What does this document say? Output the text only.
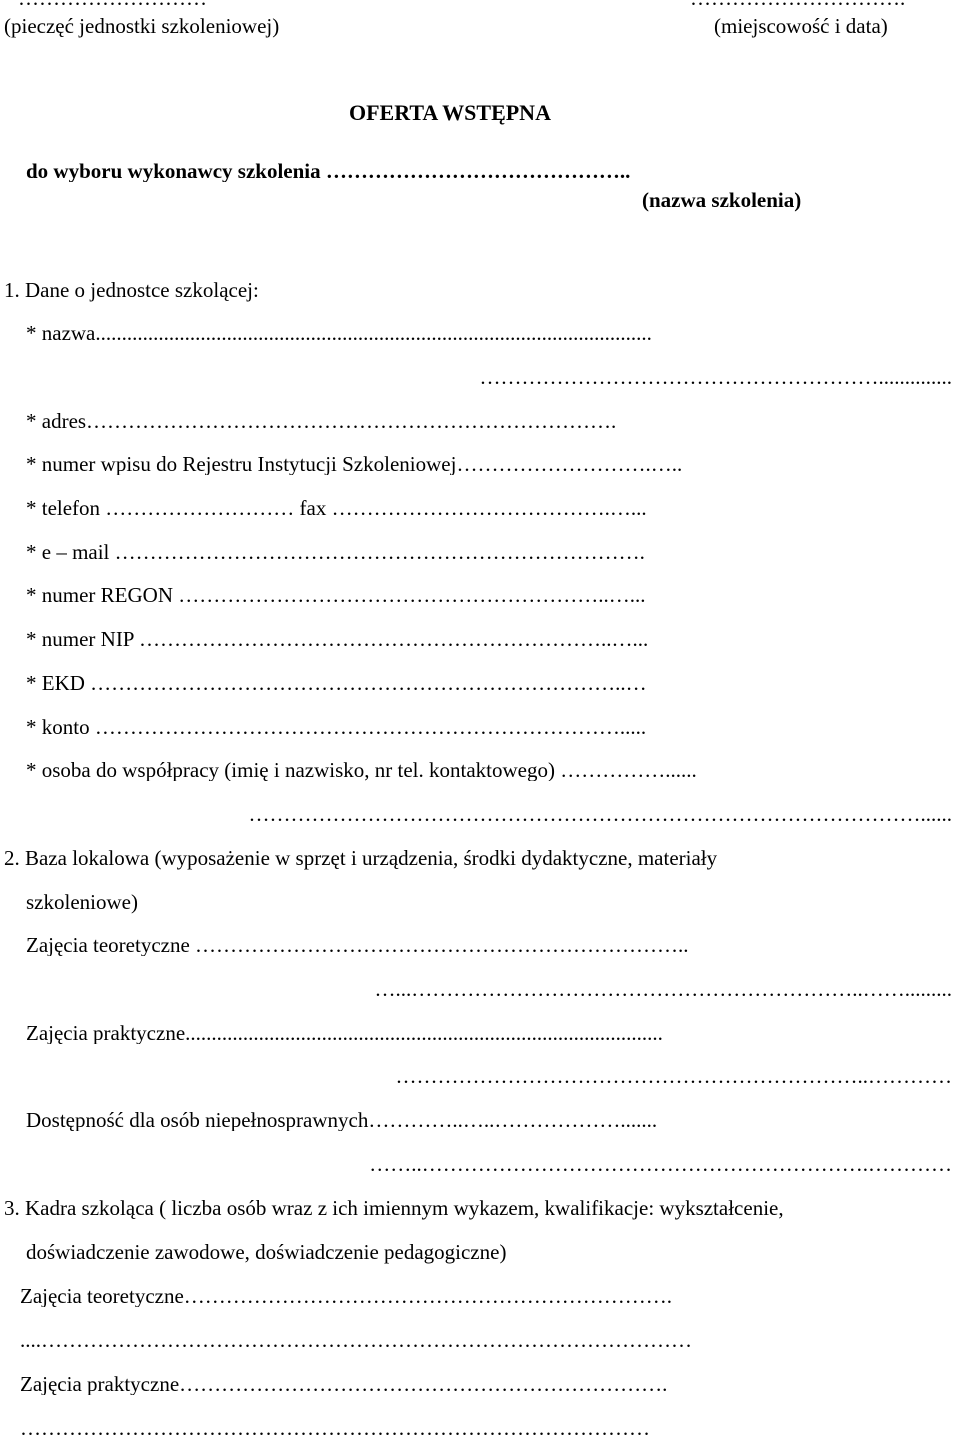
(pieczęć jednostki szkoleniowej)	(miejscowość i data)
OFERTA WSTĘPNA
do wyboru wykonawcy szkolenia ……………………………………..
(nazwa szkolenia)
1. Dane o jednostce szkolącej:
* nazwa..........................................................................................................
…………………………………………………..............
* adres………………………………………………………………….
* numer wpisu do Rejestru Instytucji Szkoleniowej……………………….…..
* telefon ……………………… fax ………………………………….…...
* e – mail ………………………………………………………………….
* numer REGON ……………………………………………………..…...
* numer NIP …………………………………………………………..…...
* EKD …………………………………………………………………..…
* konto ………………………………………………………………….....
* osoba do współpracy (imię i nazwisko, nr tel. kontaktowego) ……………......
……………………………………………………………………………………......
2. Baza lokalowa (wyposażenie w sprzęt i urządzenia, środki dydaktyczne, materiały
szkoleniowe)
Zajęcia teoretyczne ……………………………………………………………..
…...………………………………………………………..…….........
Zajęcia praktyczne...........................................................................................
…………………………………………………………..…………
Dostępność dla osób niepełnosprawnych…………..…..……………….......
……..……………………………………………………….…………
3. Kadra szkoląca ( liczba osób wraz z ich imiennym wykazem, kwalifikacje: wykształcenie,
doświadczenie zawodowe, doświadczenie pedagogiczne)
Zajęcia teoretyczne…………………………………………………………….
....…………………………………………………………………………………
Zajęcia praktyczne…………………………………………………………….
………………………………………………………………………………
